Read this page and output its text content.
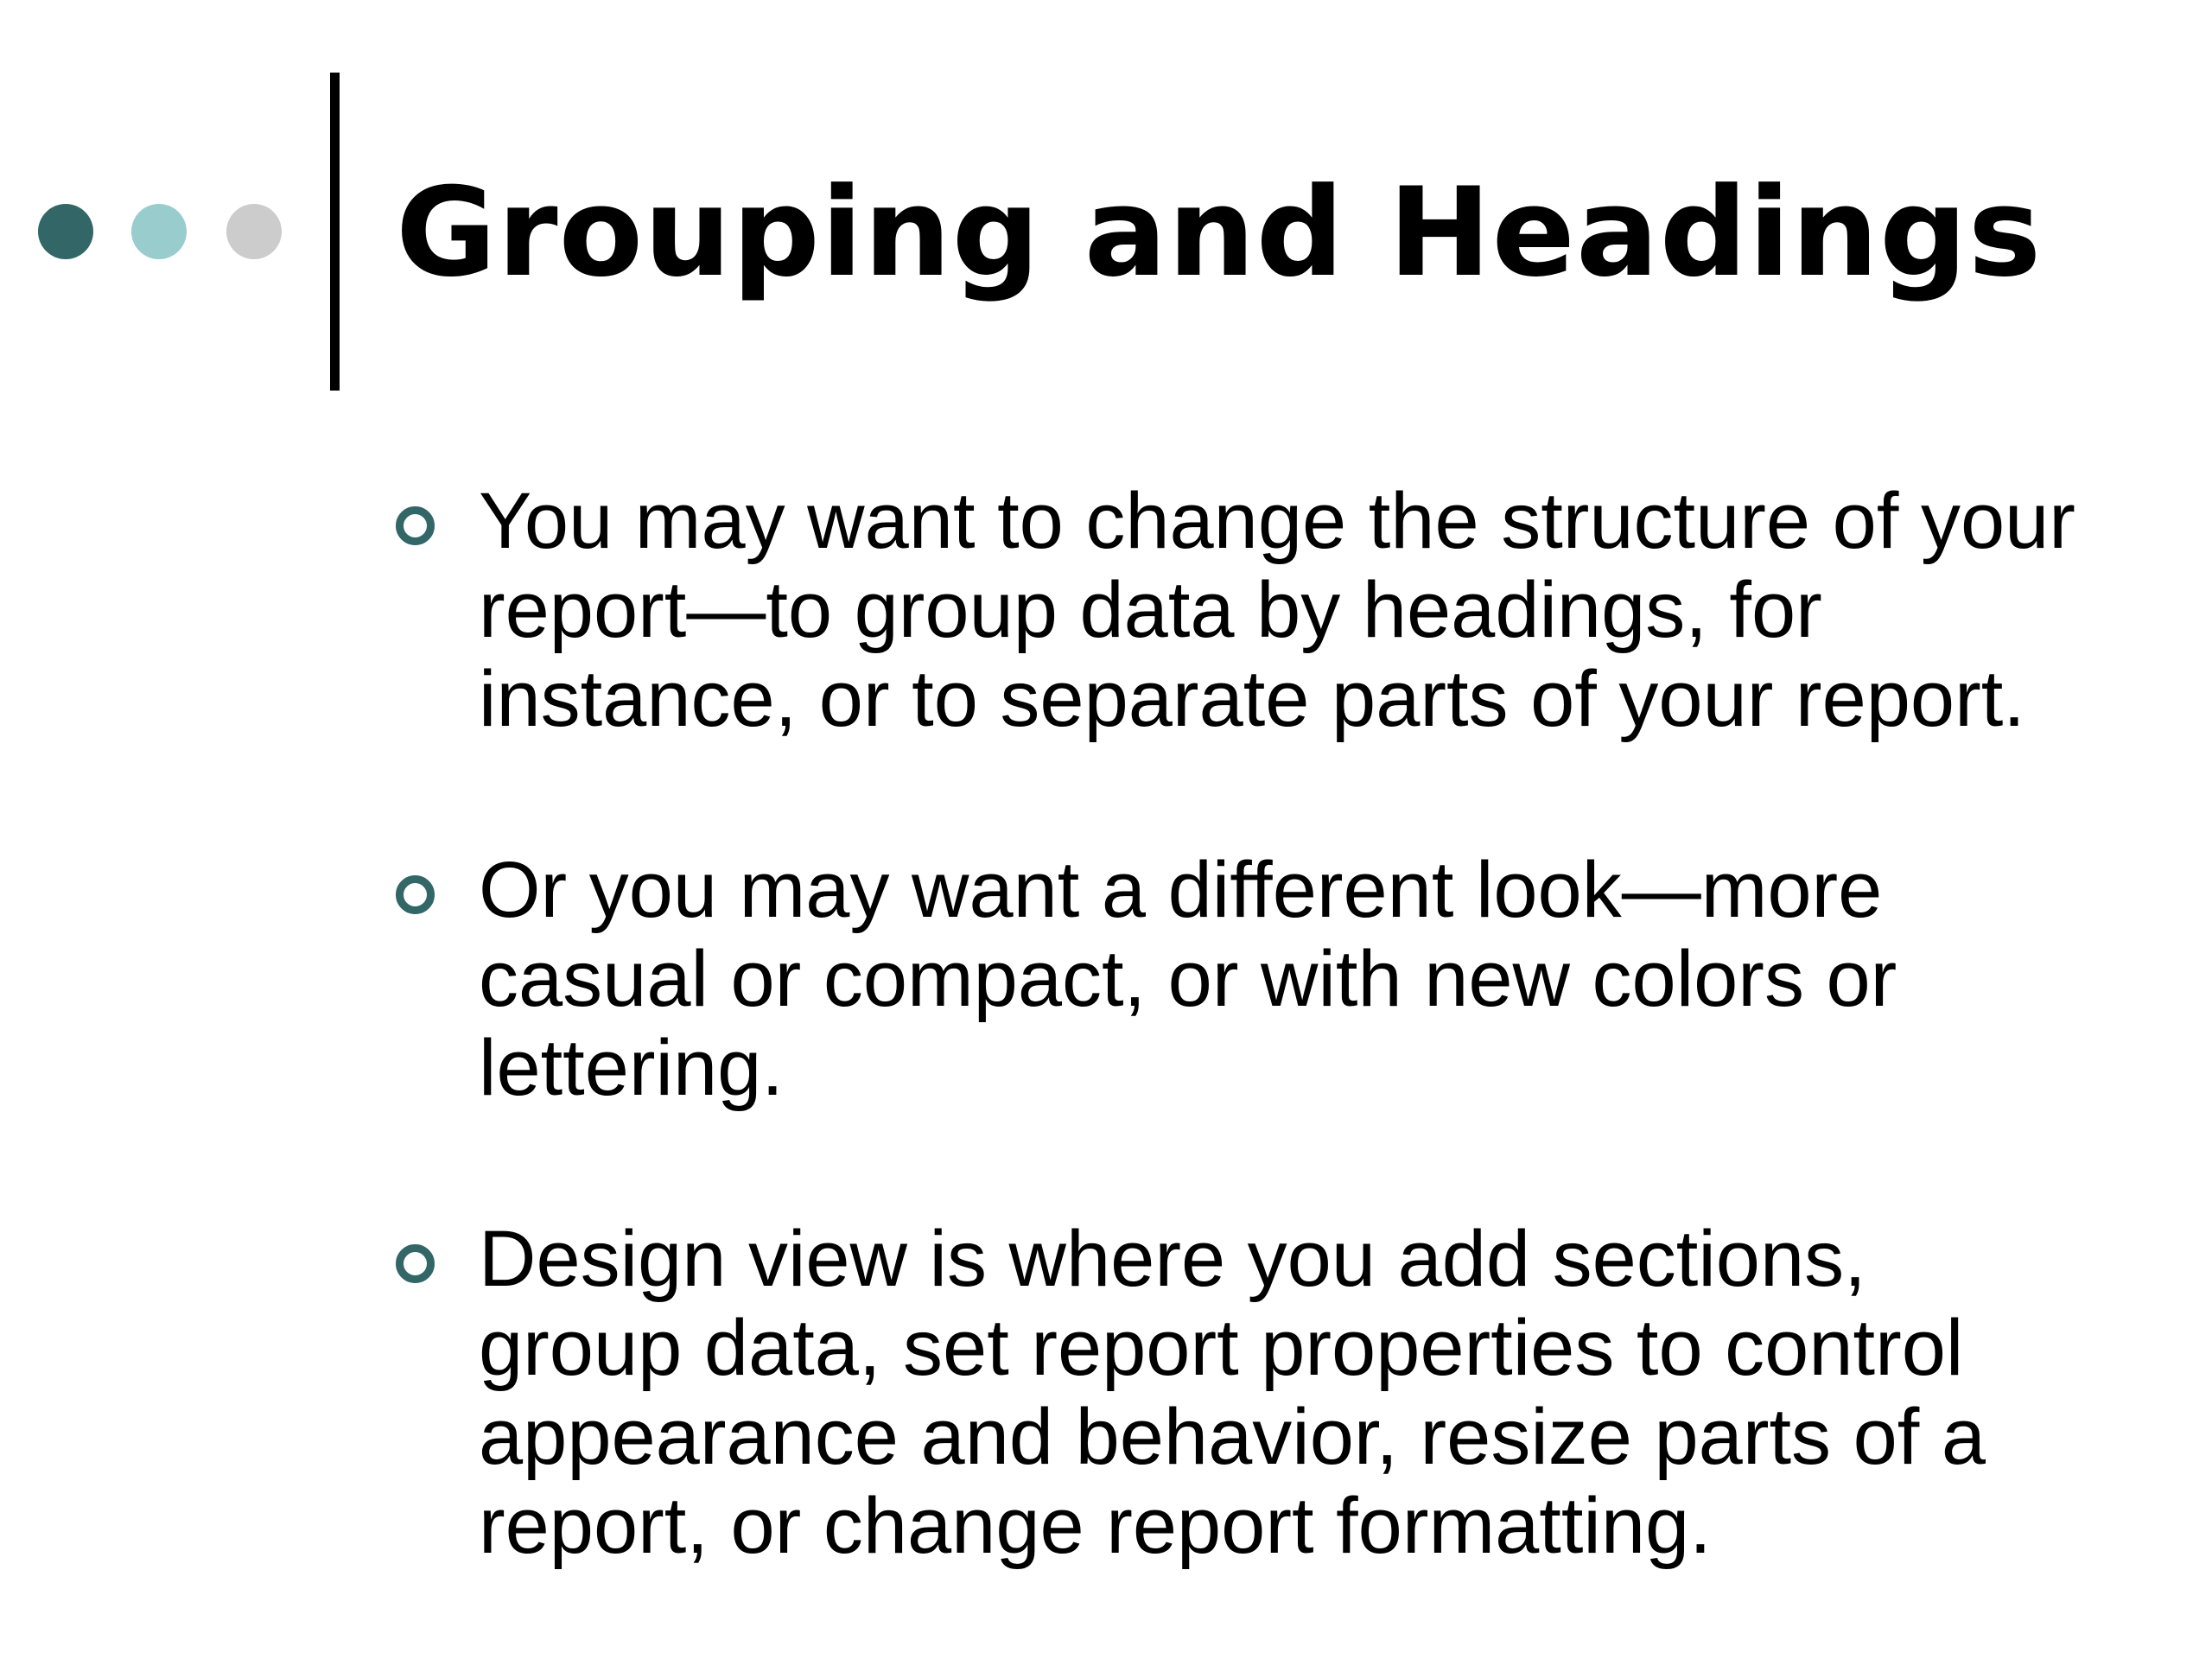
Grouping and Headings
You may want to change the structure of your report—to group data by headings, for instance, or to separate parts of your report.
Or you may want a different look—more casual or compact, or with new colors or lettering.
Design view is where you add sections, group data, set report properties to control appearance and behavior, resize parts of a report, or change report formatting.
